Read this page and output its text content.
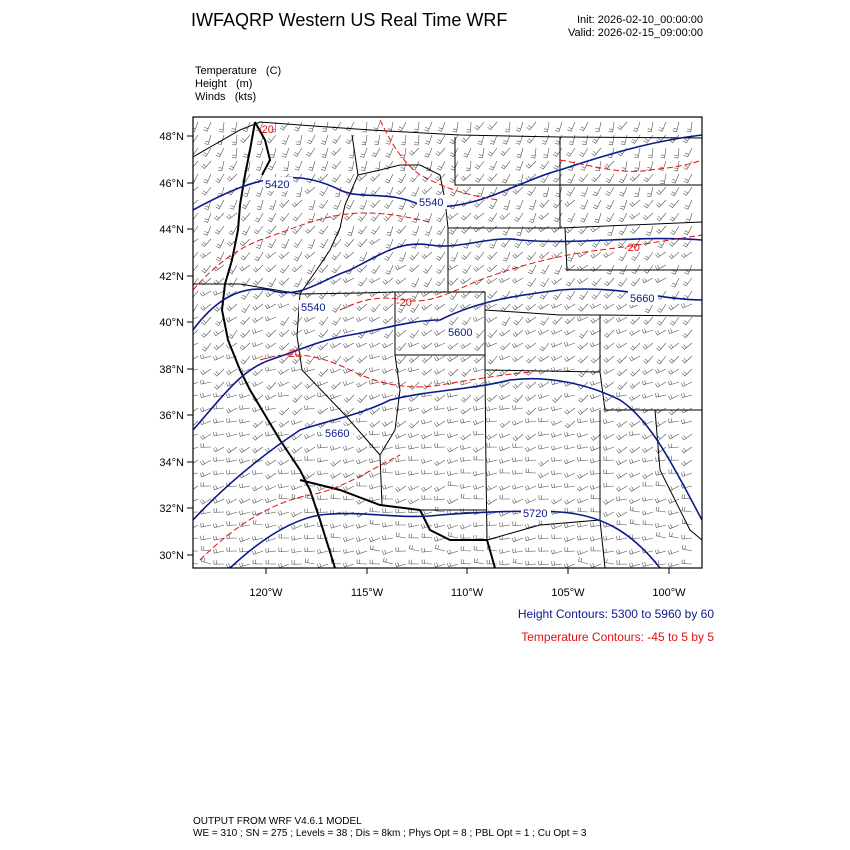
5420
5540
5540
5600
5660
5660
5720
-20
-20
-20
-20
48°N
46°N
44°N
42°N
40°N
38°N
36°N
34°N
32°N
30°N
120°W	115°W	110°W	105°W	100°W
IWFAQRP Western US Real Time WRF	Init: 2026-02-10_00:00:00
Valid: 2026-02-15_09:00:00
Temperature   (C)
Height   (m)
Winds   (kts)
Height Contours: 5300 to 5960 by 60
Temperature Contours: -45 to 5 by 5
OUTPUT FROM WRF V4.6.1 MODEL
WE = 310 ; SN = 275 ; Levels = 38 ; Dis = 8km ; Phys Opt = 8 ; PBL Opt = 1 ; Cu Opt = 3
